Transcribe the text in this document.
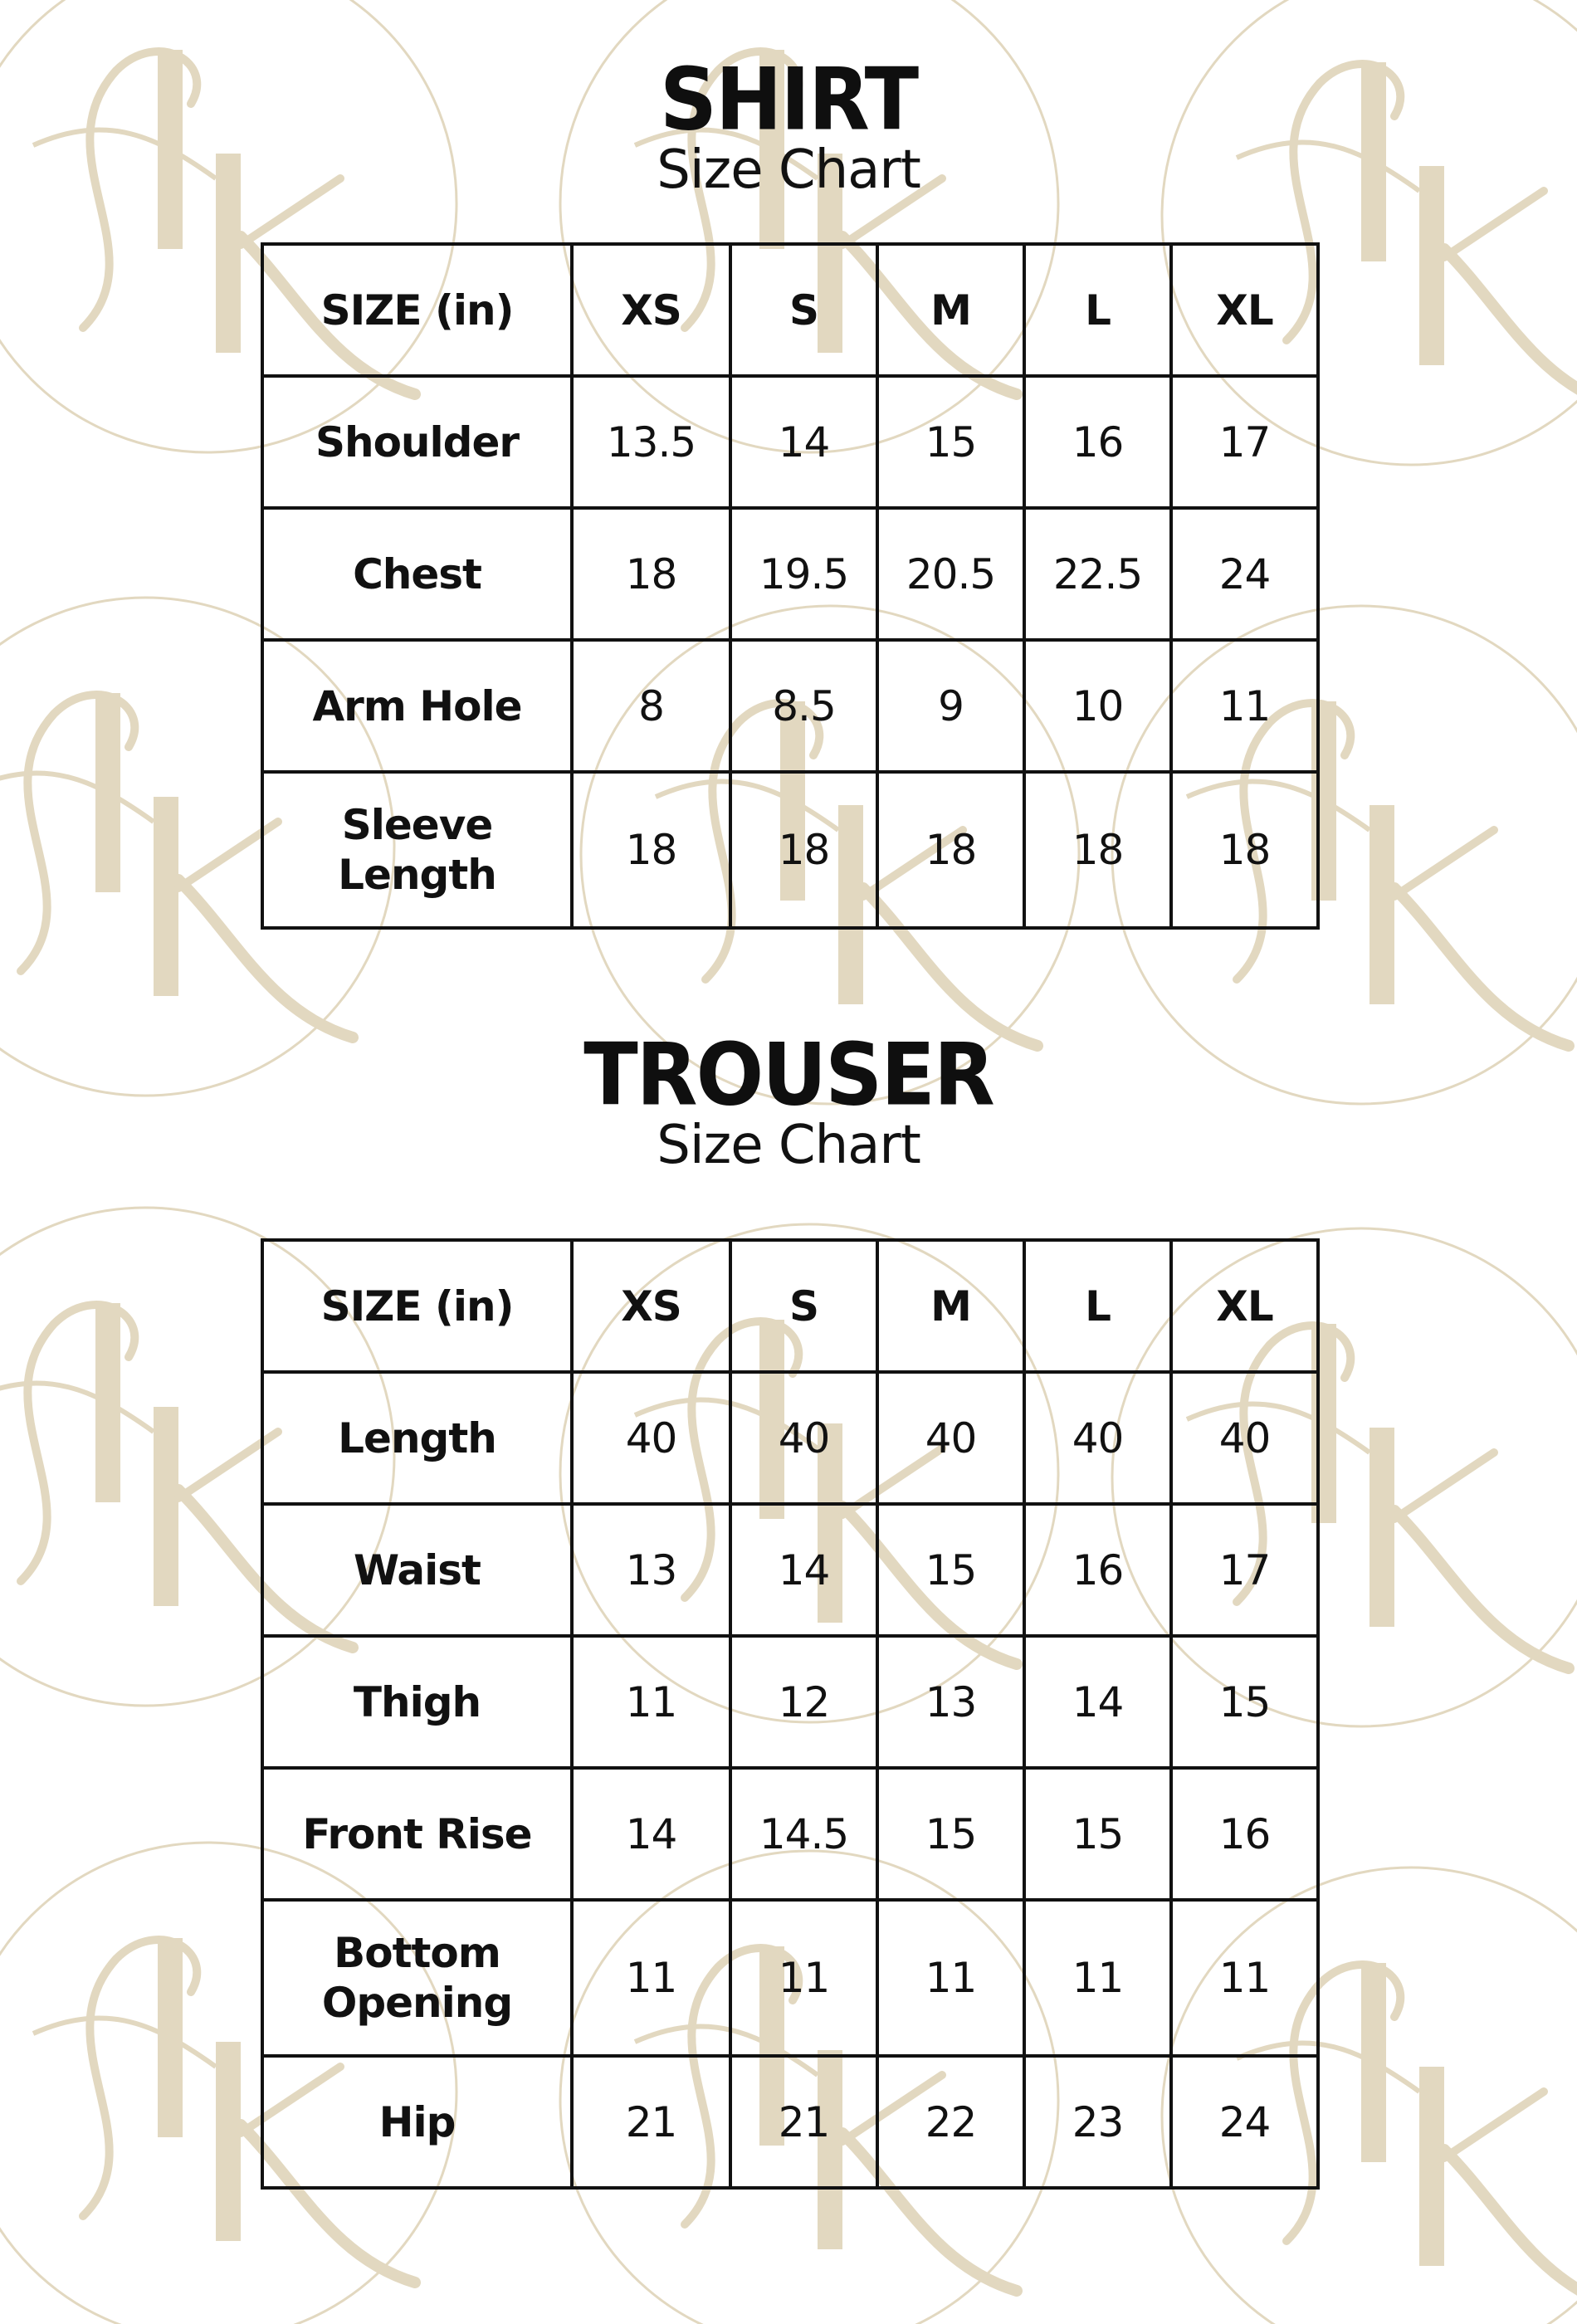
SHIRT
Size Chart
SIZE (in)	XS	S	M	L	XL
Shoulder	13.5	14	15	16	17
Chest	18	19.5	20.5	22.5	24
Arm Hole	8	8.5	9	10	11
Sleeve
Length	18	18	18	18	18
TROUSER
Size Chart
SIZE (in)	XS	S	M	L	XL
Length	40	40	40	40	40
Waist	13	14	15	16	17
Thigh	11	12	13	14	15
Front Rise	14	14.5	15	15	16
Bottom
Opening	11	11	11	11	11
Hip	21	21	22	23	24
